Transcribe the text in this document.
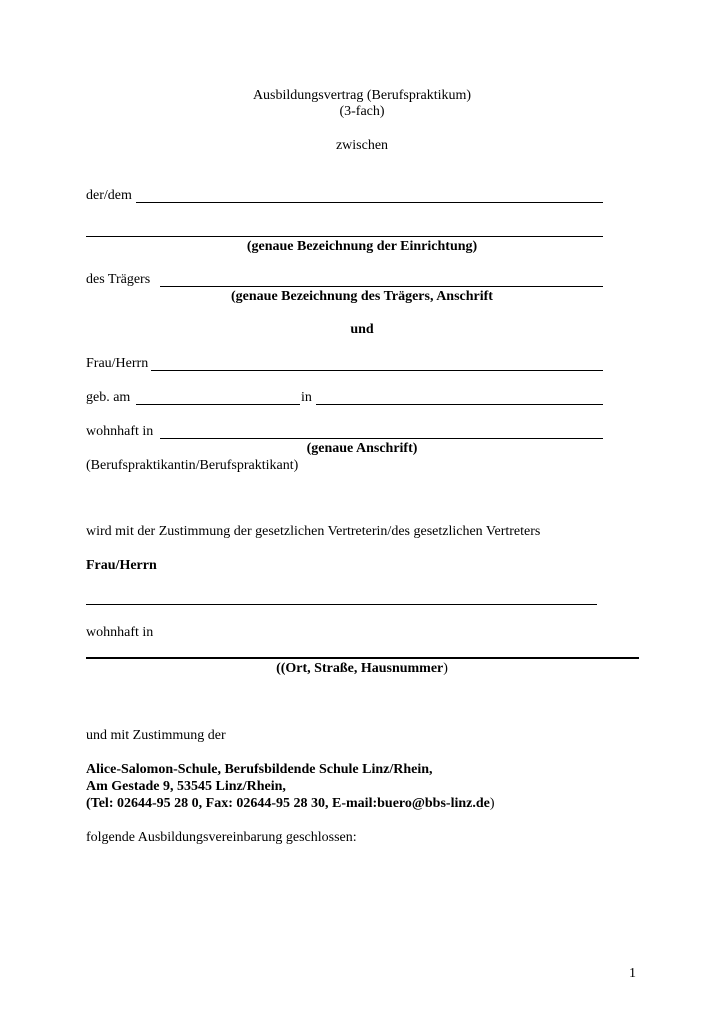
Ausbildungsvertrag (Berufspraktikum)
(3-fach)
zwischen
der/dem
(genaue Bezeichnung der Einrichtung)
des Trägers
(genaue Bezeichnung des Trägers, Anschrift
und
Frau/Herrn
geb. am	in
wohnhaft in
(genaue Anschrift)
(Berufspraktikantin/Berufspraktikant)
wird mit der Zustimmung der gesetzlichen Vertreterin/des gesetzlichen Vertreters
Frau/Herrn
wohnhaft in
((Ort, Straße, Hausnummer)
und mit Zustimmung der
Alice-Salomon-Schule, Berufsbildende Schule Linz/Rhein,
Am Gestade 9, 53545 Linz/Rhein,
(Tel: 02644-95 28 0, Fax: 02644-95 28 30, E-mail:buero@bbs-linz.de)
folgende Ausbildungsvereinbarung geschlossen:
1
